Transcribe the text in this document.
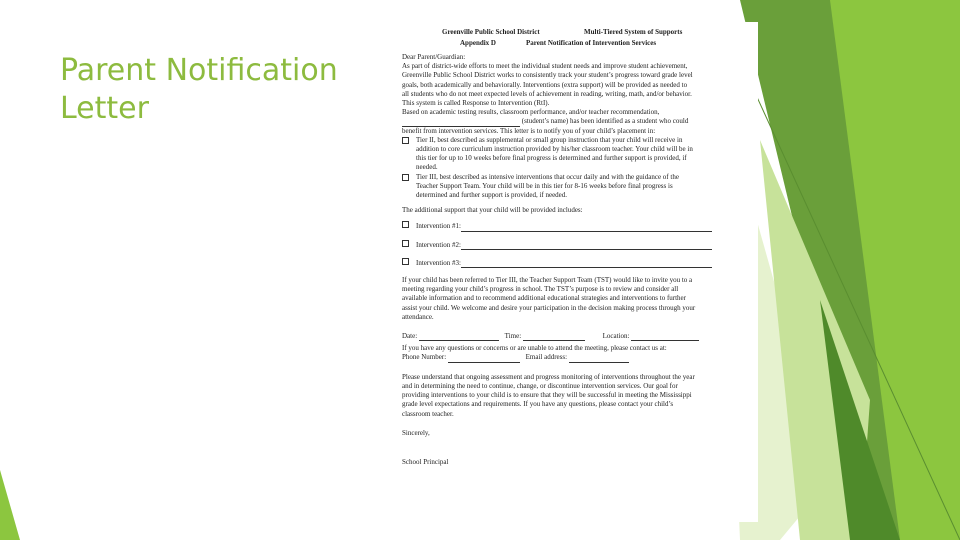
Parent Notification Letter
Greenville Public School District	Multi-Tiered System of Supports
Appendix D	Parent Notification of Intervention Services
Dear Parent/Guardian:
As part of district-wide efforts to meet the individual student needs and improve student achievement,
Greenville Public School District works to consistently track your student’s progress toward grade level
goals, both academically and behaviorally. Interventions (extra support) will be provided as needed to
all students who do not meet expected levels of achievement in reading, writing, math, and/or behavior.
This system is called Response to Intervention (RtI).
Based on academic testing results, classroom performance, and/or teacher recommendation,
(student’s name) has been identified as a student who could
benefit from intervention services. This letter is to notify you of your child’s placement in:
Tier II, best described as supplemental or small group instruction that your child will receive in
addition to core curriculum instruction provided by his/her classroom teacher. Your child will be in
this tier for up to 10 weeks before final progress is determined and further support is provided, if
needed.
Tier III, best described as intensive interventions that occur daily and with the guidance of the
Teacher Support Team. Your child will be in this tier for 8-16 weeks before final progress is
determined and further support is provided, if needed.
The additional support that your child will be provided includes:
Intervention #1:
Intervention #2:
Intervention #3:
If your child has been referred to Tier III, the Teacher Support Team (TST) would like to invite you to a
meeting regarding your child’s progress in school. The TST’s purpose is to review and consider all
available information and to recommend additional educational strategies and interventions to further
assist your child. We welcome and desire your participation in the decision making process through your
attendance.
Date:	Time:	Location:
If you have any questions or concerns or are unable to attend the meeting, please contact us at:
Phone Number:	Email address:
Please understand that ongoing assessment and progress monitoring of interventions throughout the year
and in determining the need to continue, change, or discontinue intervention services. Our goal for
providing interventions to your child is to ensure that they will be successful in meeting the Mississippi
grade level expectations and requirements. If you have any questions, please contact your child’s
classroom teacher.
Sincerely,
School Principal
